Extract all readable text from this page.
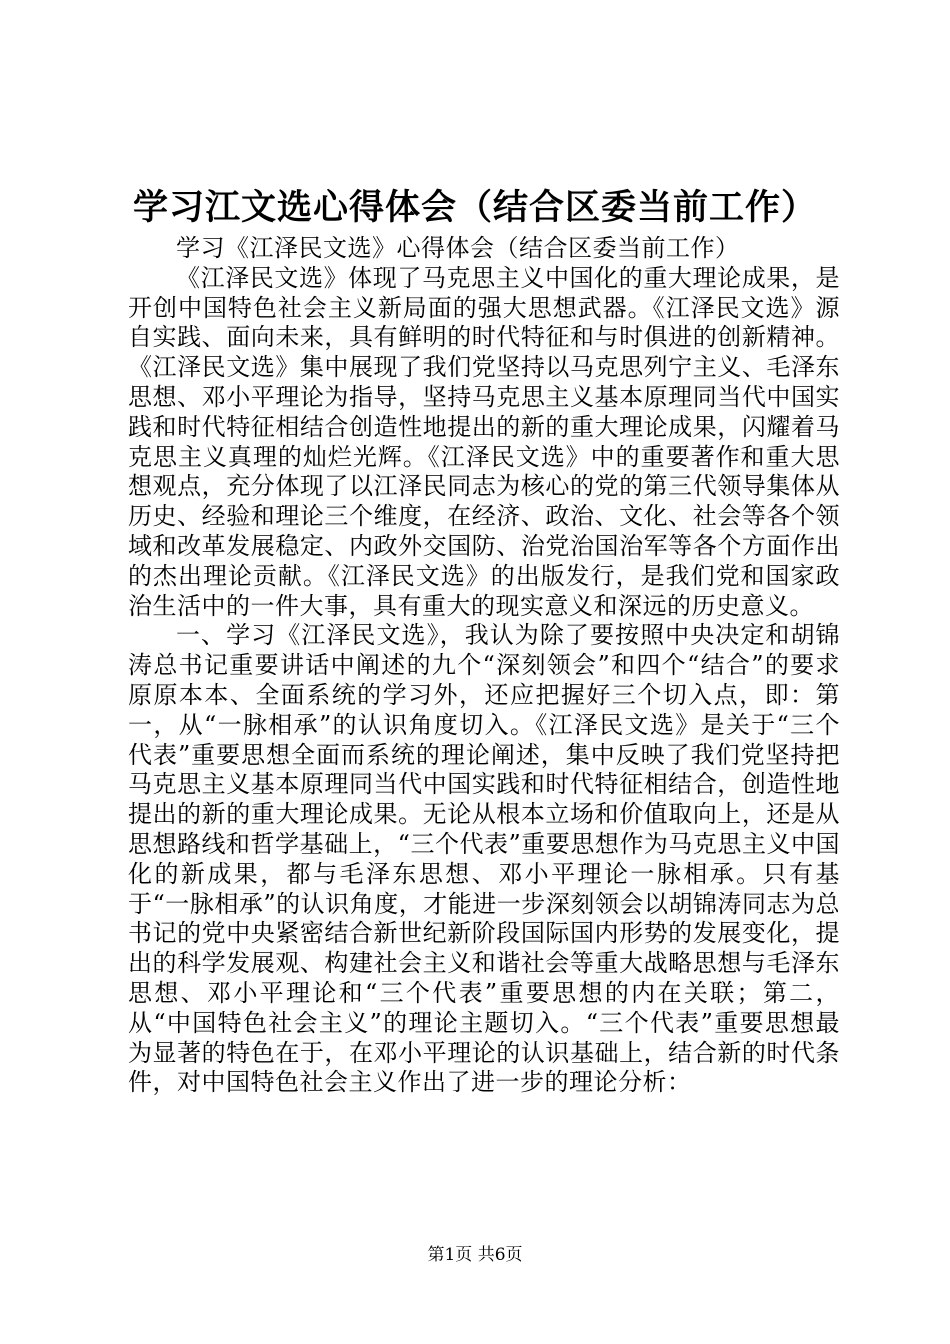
学习江文选心得体会（结合区委当前工作）

学习《江泽民文选》心得体会（结合区委当前工作）

《江泽民文选》体现了马克思主义中国化的重大理论成果，是开创中国特色社会主义新局面的强大思想武器。《江泽民文选》源自实践、面向未来，具有鲜明的时代特征和与时俱进的创新精神。《江泽民文选》集中展现了我们党坚持以马克思列宁主义、毛泽东思想、邓小平理论为指导，坚持马克思主义基本原理同当代中国实践和时代特征相结合创造性地提出的新的重大理论成果，闪耀着马克思主义真理的灿烂光辉。《江泽民文选》中的重要著作和重大思想观点，充分体现了以江泽民同志为核心的党的第三代领导集体从历史、经验和理论三个维度，在经济、政治、文化、社会等各个领域和改革发展稳定、内政外交国防、治党治国治军等各个方面作出的杰出理论贡献。《江泽民文选》的出版发行，是我们党和国家政治生活中的一件大事，具有重大的现实意义和深远的历史意义。

一、学习《江泽民文选》，我认为除了要按照中央决定和胡锦涛总书记重要讲话中阐述的九个“深刻领会”和四个“结合”的要求原原本本、全面系统的学习外，还应把握好三个切入点，即：第一，从“一脉相承”的认识角度切入。《江泽民文选》是关于“三个代表”重要思想全面而系统的理论阐述，集中反映了我们党坚持把马克思主义基本原理同当代中国实践和时代特征相结合，创造性地提出的新的重大理论成果。无论从根本立场和价值取向上，还是从思想路线和哲学基础上，“三个代表”重要思想作为马克思主义中国化的新成果，都与毛泽东思想、邓小平理论一脉相承。只有基于“一脉相承”的认识角度，才能进一步深刻领会以胡锦涛同志为总书记的党中央紧密结合新世纪新阶段国际国内形势的发展变化，提出的科学发展观、构建社会主义和谐社会等重大战略思想与毛泽东思想、邓小平理论和“三个代表”重要思想的内在关联；第二，从“中国特色社会主义”的理论主题切入。“三个代表”重要思想最为显著的特色在于，在邓小平理论的认识基础上，结合新的时代条件，对中国特色社会主义作出了进一步的理论分析：

第1页 共6页
